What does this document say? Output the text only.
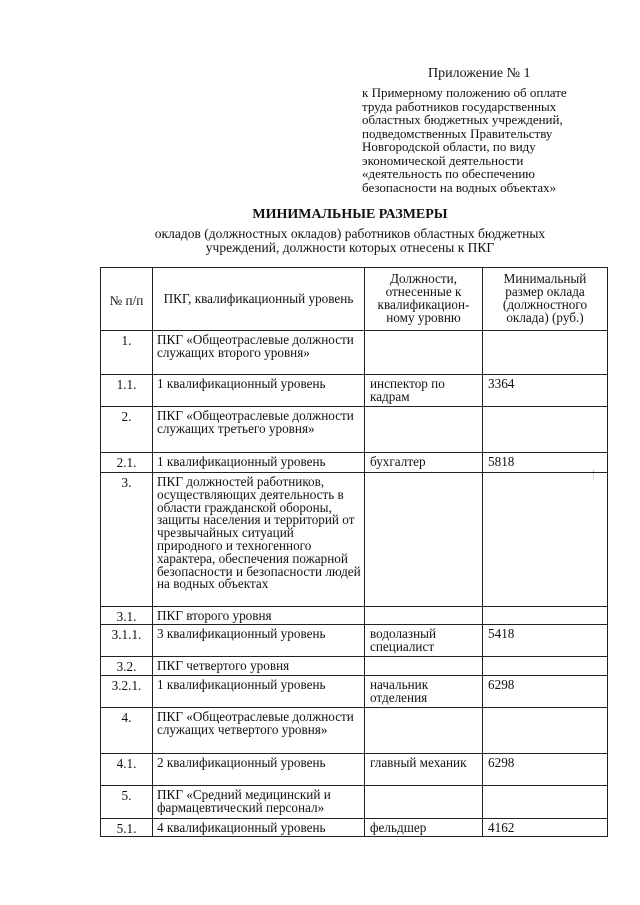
Приложение № 1
к Примерному положению об оплате
труда работников государственных
областных бюджетных учреждений,
подведомственных Правительству
Новгородской области, по виду
экономической деятельности
«деятельность по обеспечению
безопасности на водных объектах»
МИНИМАЛЬНЫЕ РАЗМЕРЫ
окладов (должностных окладов) работников областных бюджетных
учреждений, должности которых отнесены к ПКГ
№ п/п	ПКГ, квалификационный уровень	Должности, отнесенные к квалификацион-ному уровню	Минимальный размер оклада (должностного оклада) (руб.)
1.	ПКГ «Общеотраслевые должности служащих второго уровня»		
1.1.	1 квалификационный уровень	инспектор по кадрам	3364
2.	ПКГ «Общеотраслевые должности служащих третьего уровня»		
2.1.	1 квалификационный уровень	бухгалтер	5818
3.	ПКГ должностей работников, осуществляющих деятельность в области гражданской обороны, защиты населения и территорий от чрезвычайных ситуаций природного и техногенного характера, обеспечения пожарной безопасности и безопасности людей на водных объектах		
3.1.	ПКГ второго уровня		
3.1.1.	3 квалификационный уровень	водолазный специалист	5418
3.2.	ПКГ четвертого уровня		
3.2.1.	1 квалификационный уровень	начальник отделения	6298
4.	ПКГ «Общеотраслевые должности служащих четвертого уровня»		
4.1.	2 квалификационный уровень	главный механик	6298
5.	ПКГ «Средний медицинский и фармацевтический персонал»		
5.1.	4 квалификационный уровень	фельдшер	4162
